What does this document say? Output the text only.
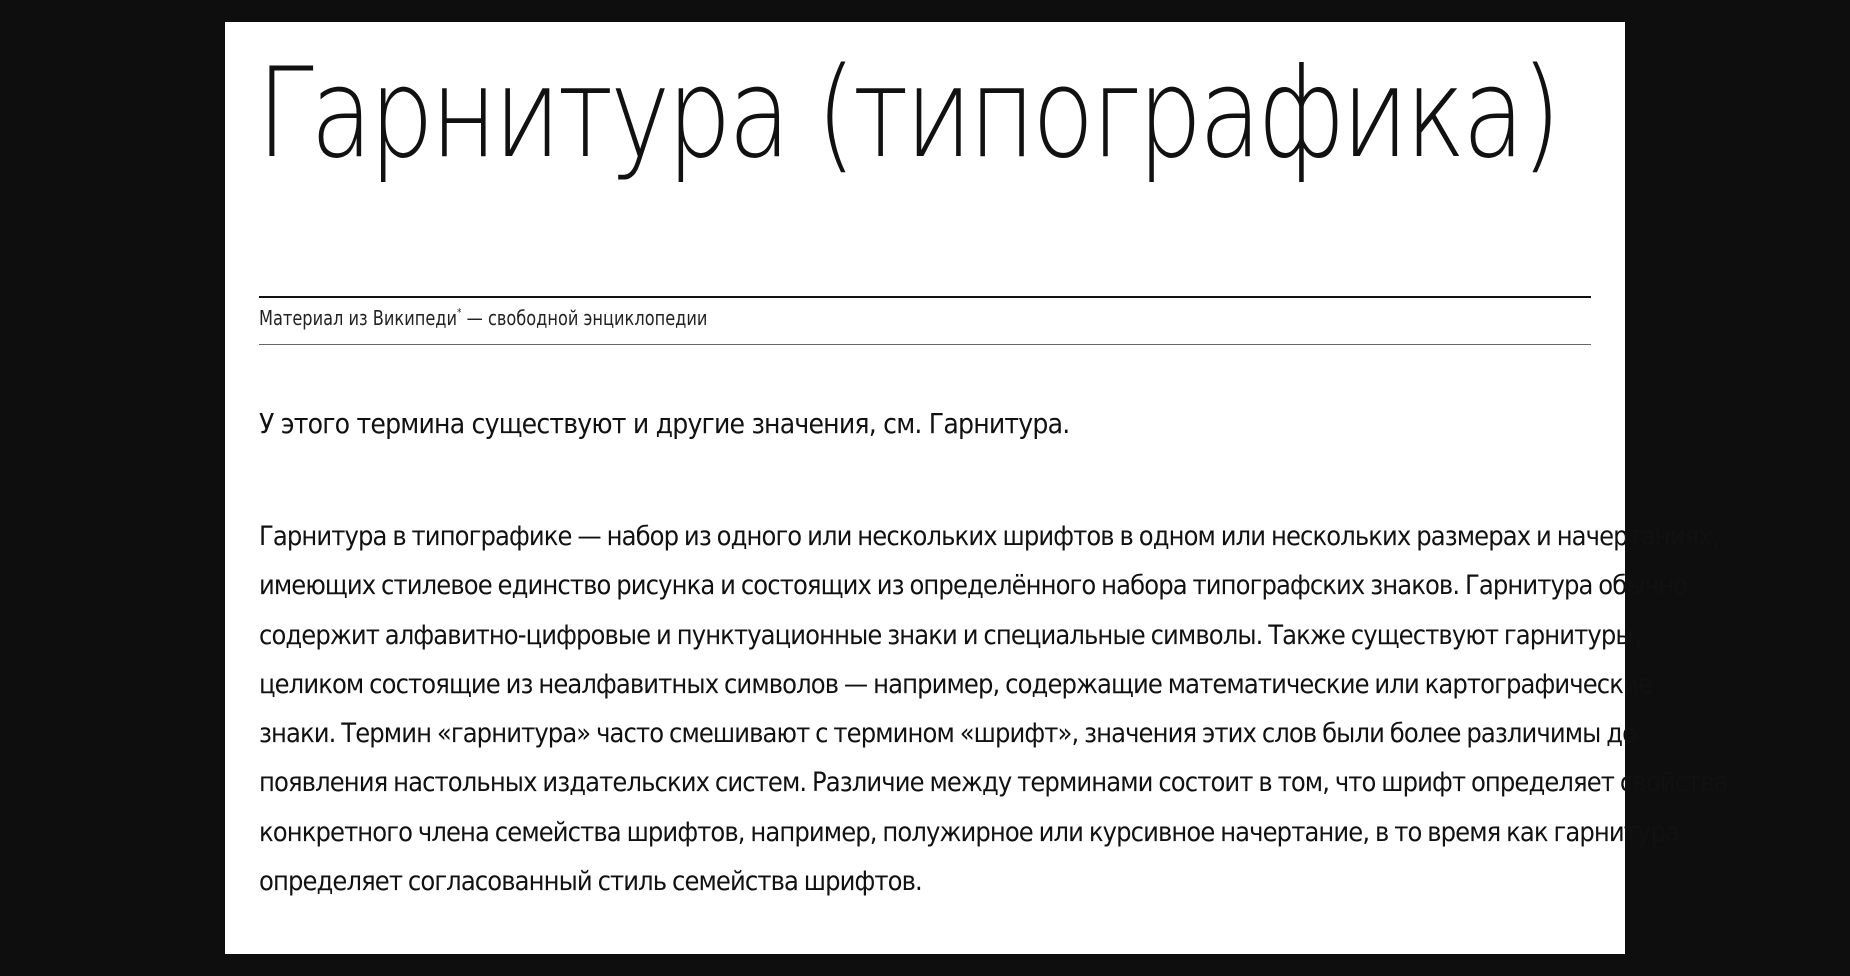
Гарнитура (типографика)
Материал из Википеди* — свободной энциклопедии

У этого термина существуют и другие значения, см. Гарнитура.

Гарнитура в типографике — набор из одного или нескольких шрифтов в одном или нескольких размерах и начертаниях,
имеющих стилевое единство рисунка и состоящих из определённого набора типографских знаков. Гарнитура обычно
содержит алфавитно-цифровые и пунктуационные знаки и специальные символы. Также существуют гарнитуры,
целиком состоящие из неалфавитных символов — например, содержащие математические или картографические
знаки. Термин «гарнитура» часто смешивают с термином «шрифт», значения этих слов были более различимы до
появления настольных издательских систем. Различие между терминами состоит в том, что шрифт определяет свойства
конкретного члена семейства шрифтов, например, полужирное или курсивное начертание, в то время как гарнитура
определяет согласованный стиль семейства шрифтов.
